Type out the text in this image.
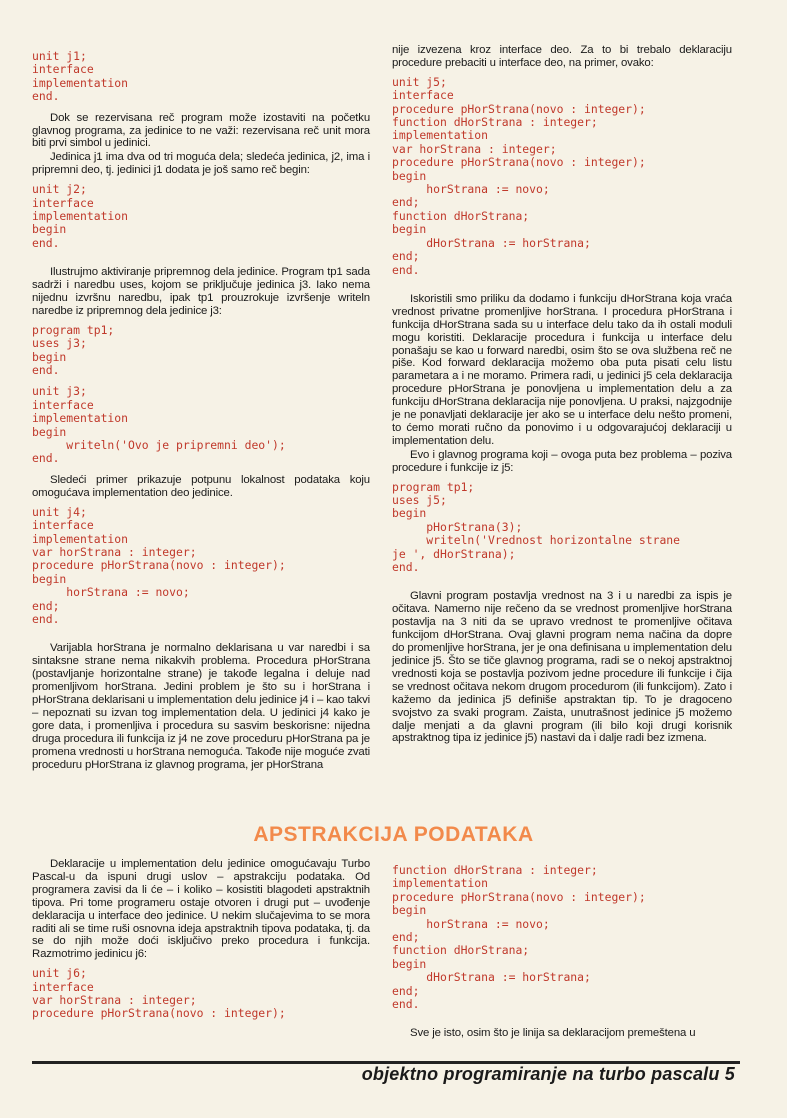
unit j1;
interface
implementation
end.

Dok se rezervisana reč program može izostaviti na početku glavnog programa, za jedinice to ne važi: rezervisana reč unit mora biti prvi simbol u jedinici.

Jedinica j1 ima dva od tri moguća dela; sledeća jedinica, j2, ima i pripremni deo, tj. jedinici j1 dodata je još samo reč begin:

unit j2;
interface
implementation
begin
end.

Ilustrujmo aktiviranje pripremnog dela jedinice. Program tp1 sada sadrži i naredbu uses, kojom se priključuje jedinica j3. Iako nema nijednu izvršnu naredbu, ipak tp1 prouzrokuje izvršenje writeln naredbe iz pripremnog dela jedinice j3:

program tp1;
uses j3;
begin
end.
unit j3;
interface
implementation
begin
writeln('Ovo je pripremni deo');
end.

Sledeći primer prikazuje potpunu lokalnost podataka koju omogućava implementation deo jedinice.

unit j4;
interface
implementation
var horStrana : integer;
procedure pHorStrana(novo : integer);
begin
horStrana := novo;
end;
end.

Varijabla horStrana je normalno deklarisana u var naredbi i sa sintaksne strane nema nikakvih problema. Procedura pHorStrana (postavljanje horizontalne strane) je takođe legalna i deluje nad promenljivom horStrana. Jedini problem je što su i horStrana i pHorStrana deklarisani u implementation delu jedinice j4 i – kao takvi – nepoznati su izvan tog implementation dela. U jedinici j4 kako je gore data, i promenljiva i procedura su sasvim beskorisne: nijedna druga procedura ili funkcija iz j4 ne zove proceduru pHorStrana pa je promena vrednosti u horStrana nemoguća. Takođe nije moguće zvati proceduru pHorStrana iz glavnog programa, jer pHorStrana

nije izvezena kroz interface deo. Za to bi trebalo deklaraciju procedure prebaciti u interface deo, na primer, ovako:

unit j5;
interface
procedure pHorStrana(novo : integer);
function dHorStrana : integer;
implementation
var horStrana : integer;
procedure pHorStrana(novo : integer);
begin
horStrana := novo;
end;
function dHorStrana;
begin
dHorStrana := horStrana;
end;
end.

Iskoristili smo priliku da dodamo i funkciju dHorStrana koja vraća vrednost privatne promenljive horStrana. I procedura pHorStrana i funkcija dHorStrana sada su u interface delu tako da ih ostali moduli mogu koristiti. Deklaracije procedura i funkcija u interface delu ponašaju se kao u forward naredbi, osim što se ova službena reč ne piše. Kod forward deklaracija možemo oba puta pisati celu listu parametara a i ne moramo. Primera radi, u jedinici j5 cela deklaracija procedure pHorStrana je ponovljena u implementation delu a za funkciju dHorStrana deklaracija nije ponovljena. U praksi, najzgodnije je ne ponavljati deklaracije jer ako se u interface delu nešto promeni, to ćemo morati ručno da ponovimo i u odgovarajućoj deklaraciji u implementation delu.

Evo i glavnog programa koji – ovoga puta bez problema – poziva procedure i funkcije iz j5:

program tp1;
uses j5;
begin
pHorStrana(3);
writeln('Vrednost horizontalne strane
je ', dHorStrana);
end.

Glavni program postavlja vrednost na 3 i u naredbi za ispis je očitava. Namerno nije rečeno da se vrednost promenljive horStrana postavlja na 3 niti da se upravo vrednost te promenljive očitava funkcijom dHorStrana. Ovaj glavni program nema načina da dopre do promenljive horStrana, jer je ona definisana u implementation delu jedinice j5. Što se tiče glavnog programa, radi se o nekoj apstraktnoj vrednosti koja se postavlja pozivom jedne procedure ili funkcije i čija se vrednost očitava nekom drugom procedurom (ili funkcijom). Zato i kažemo da jedinica j5 definiše apstraktan tip. To je dragoceno svojstvo za svaki program. Zaista, unutrašnost jedinice j5 možemo dalje menjati a da glavni program (ili bilo koji drugi korisnik apstraktnog tipa iz jedinice j5) nastavi da i dalje radi bez izmena.

APSTRAKCIJA PODATAKA

Deklaracije u implementation delu jedinice omogućavaju Turbo Pascal-u da ispuni drugi uslov – apstrakciju podataka. Od programera zavisi da li će – i koliko – kosistiti blagodeti apstraktnih tipova. Pri tome programeru ostaje otvoren i drugi put – uvođenje deklaracija u interface deo jedinice. U nekim slučajevima to se mora raditi ali se time ruši osnovna ideja apstraktnih tipova podataka, tj. da se do njih može doći isključivo preko procedura i funkcija. Razmotrimo jedinicu j6:

unit j6;
interface
var horStrana : integer;
procedure pHorStrana(novo : integer);
function dHorStrana : integer;
implementation
procedure pHorStrana(novo : integer);
begin
horStrana := novo;
end;
function dHorStrana;
begin
dHorStrana := horStrana;
end;
end.

Sve je isto, osim što je linija sa deklaracijom premeštena u

objektno programiranje na turbo pascalu 5
